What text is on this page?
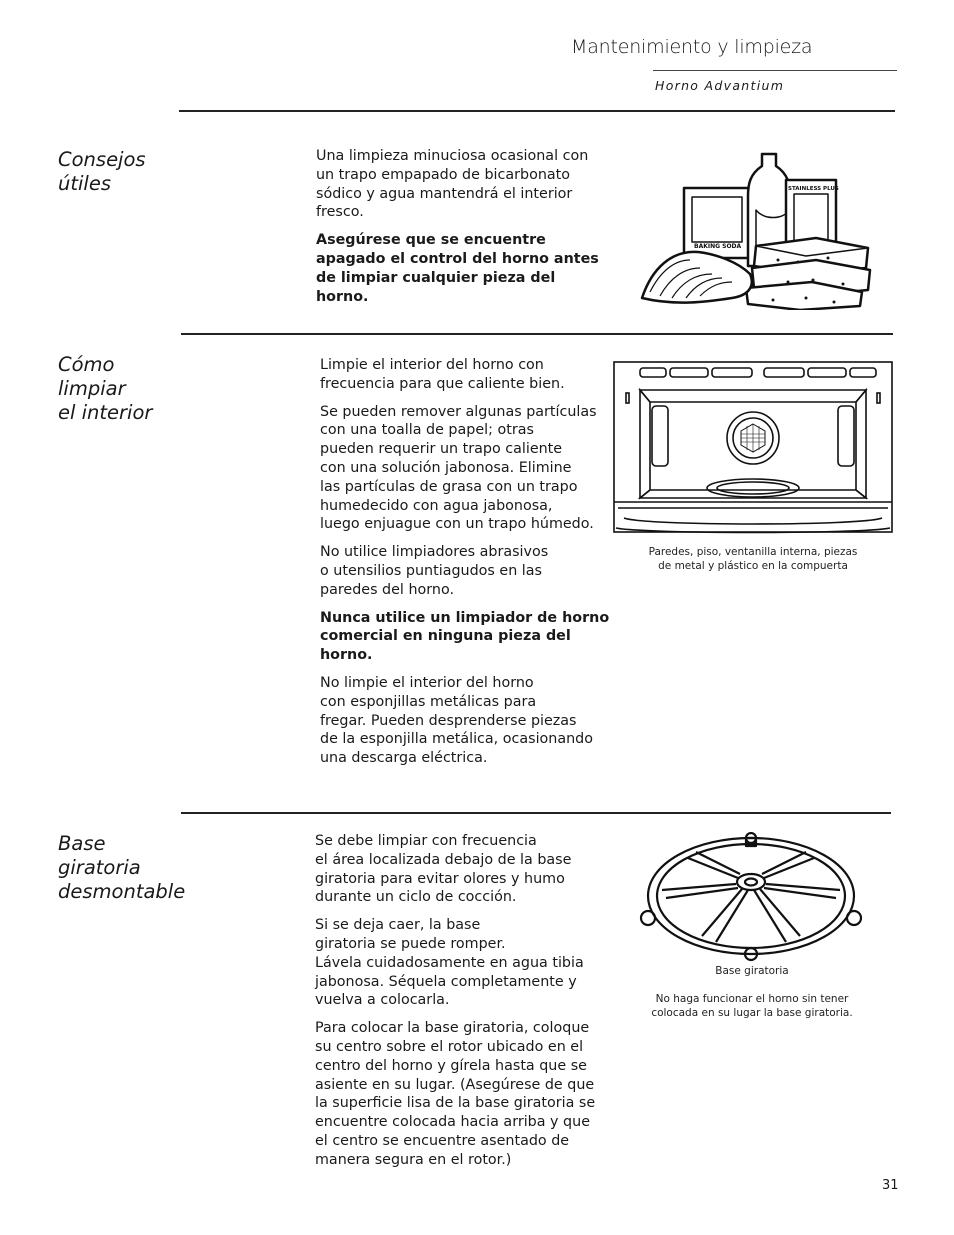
Mantenimiento y limpieza
Horno Advantium
Consejos
útiles

Una limpieza minuciosa ocasional con
un trapo empapado de bicarbonato
sódico y agua mantendrá el interior
fresco.

Asegúrese que se encuentre
apagado el control del horno antes
de limpiar cualquier pieza del horno.

BAKING SODA
STAINLESS PLUS
Cómo
limpiar
el interior

Limpie el interior del horno con
frecuencia para que caliente bien.

Se pueden remover algunas partículas
con una toalla de papel; otras
pueden requerir un trapo caliente
con una solución jabonosa. Elimine
las partículas de grasa con un trapo
humedecido con agua jabonosa,
luego enjuague con un trapo húmedo.

No utilice limpiadores abrasivos
o utensilios puntiagudos en las
paredes del horno.

Nunca utilice un limpiador de horno
comercial en ninguna pieza del horno.

No limpie el interior del horno
con esponjillas metálicas para
fregar. Pueden desprenderse piezas
de la esponjilla metálica, ocasionando
una descarga eléctrica.

Paredes, piso, ventanilla interna, piezas
de metal y plástico en la compuerta
Base
giratoria
desmontable

Se debe limpiar con frecuencia
el área localizada debajo de la base
giratoria para evitar olores y humo
durante un ciclo de cocción.

Si se deja caer, la base
giratoria se puede romper.
Lávela cuidadosamente en agua tibia
jabonosa. Séquela completamente y
vuelva a colocarla.

Para colocar la base giratoria, coloque
su centro sobre el rotor ubicado en el
centro del horno y gírela hasta que se
asiente en su lugar. (Asegúrese de que
la superficie lisa de la base giratoria se
encuentre colocada hacia arriba y que
el centro se encuentre asentado de
manera segura en el rotor.)

Base giratoria
No haga funcionar el horno sin tener
colocada en su lugar la base giratoria.
31
